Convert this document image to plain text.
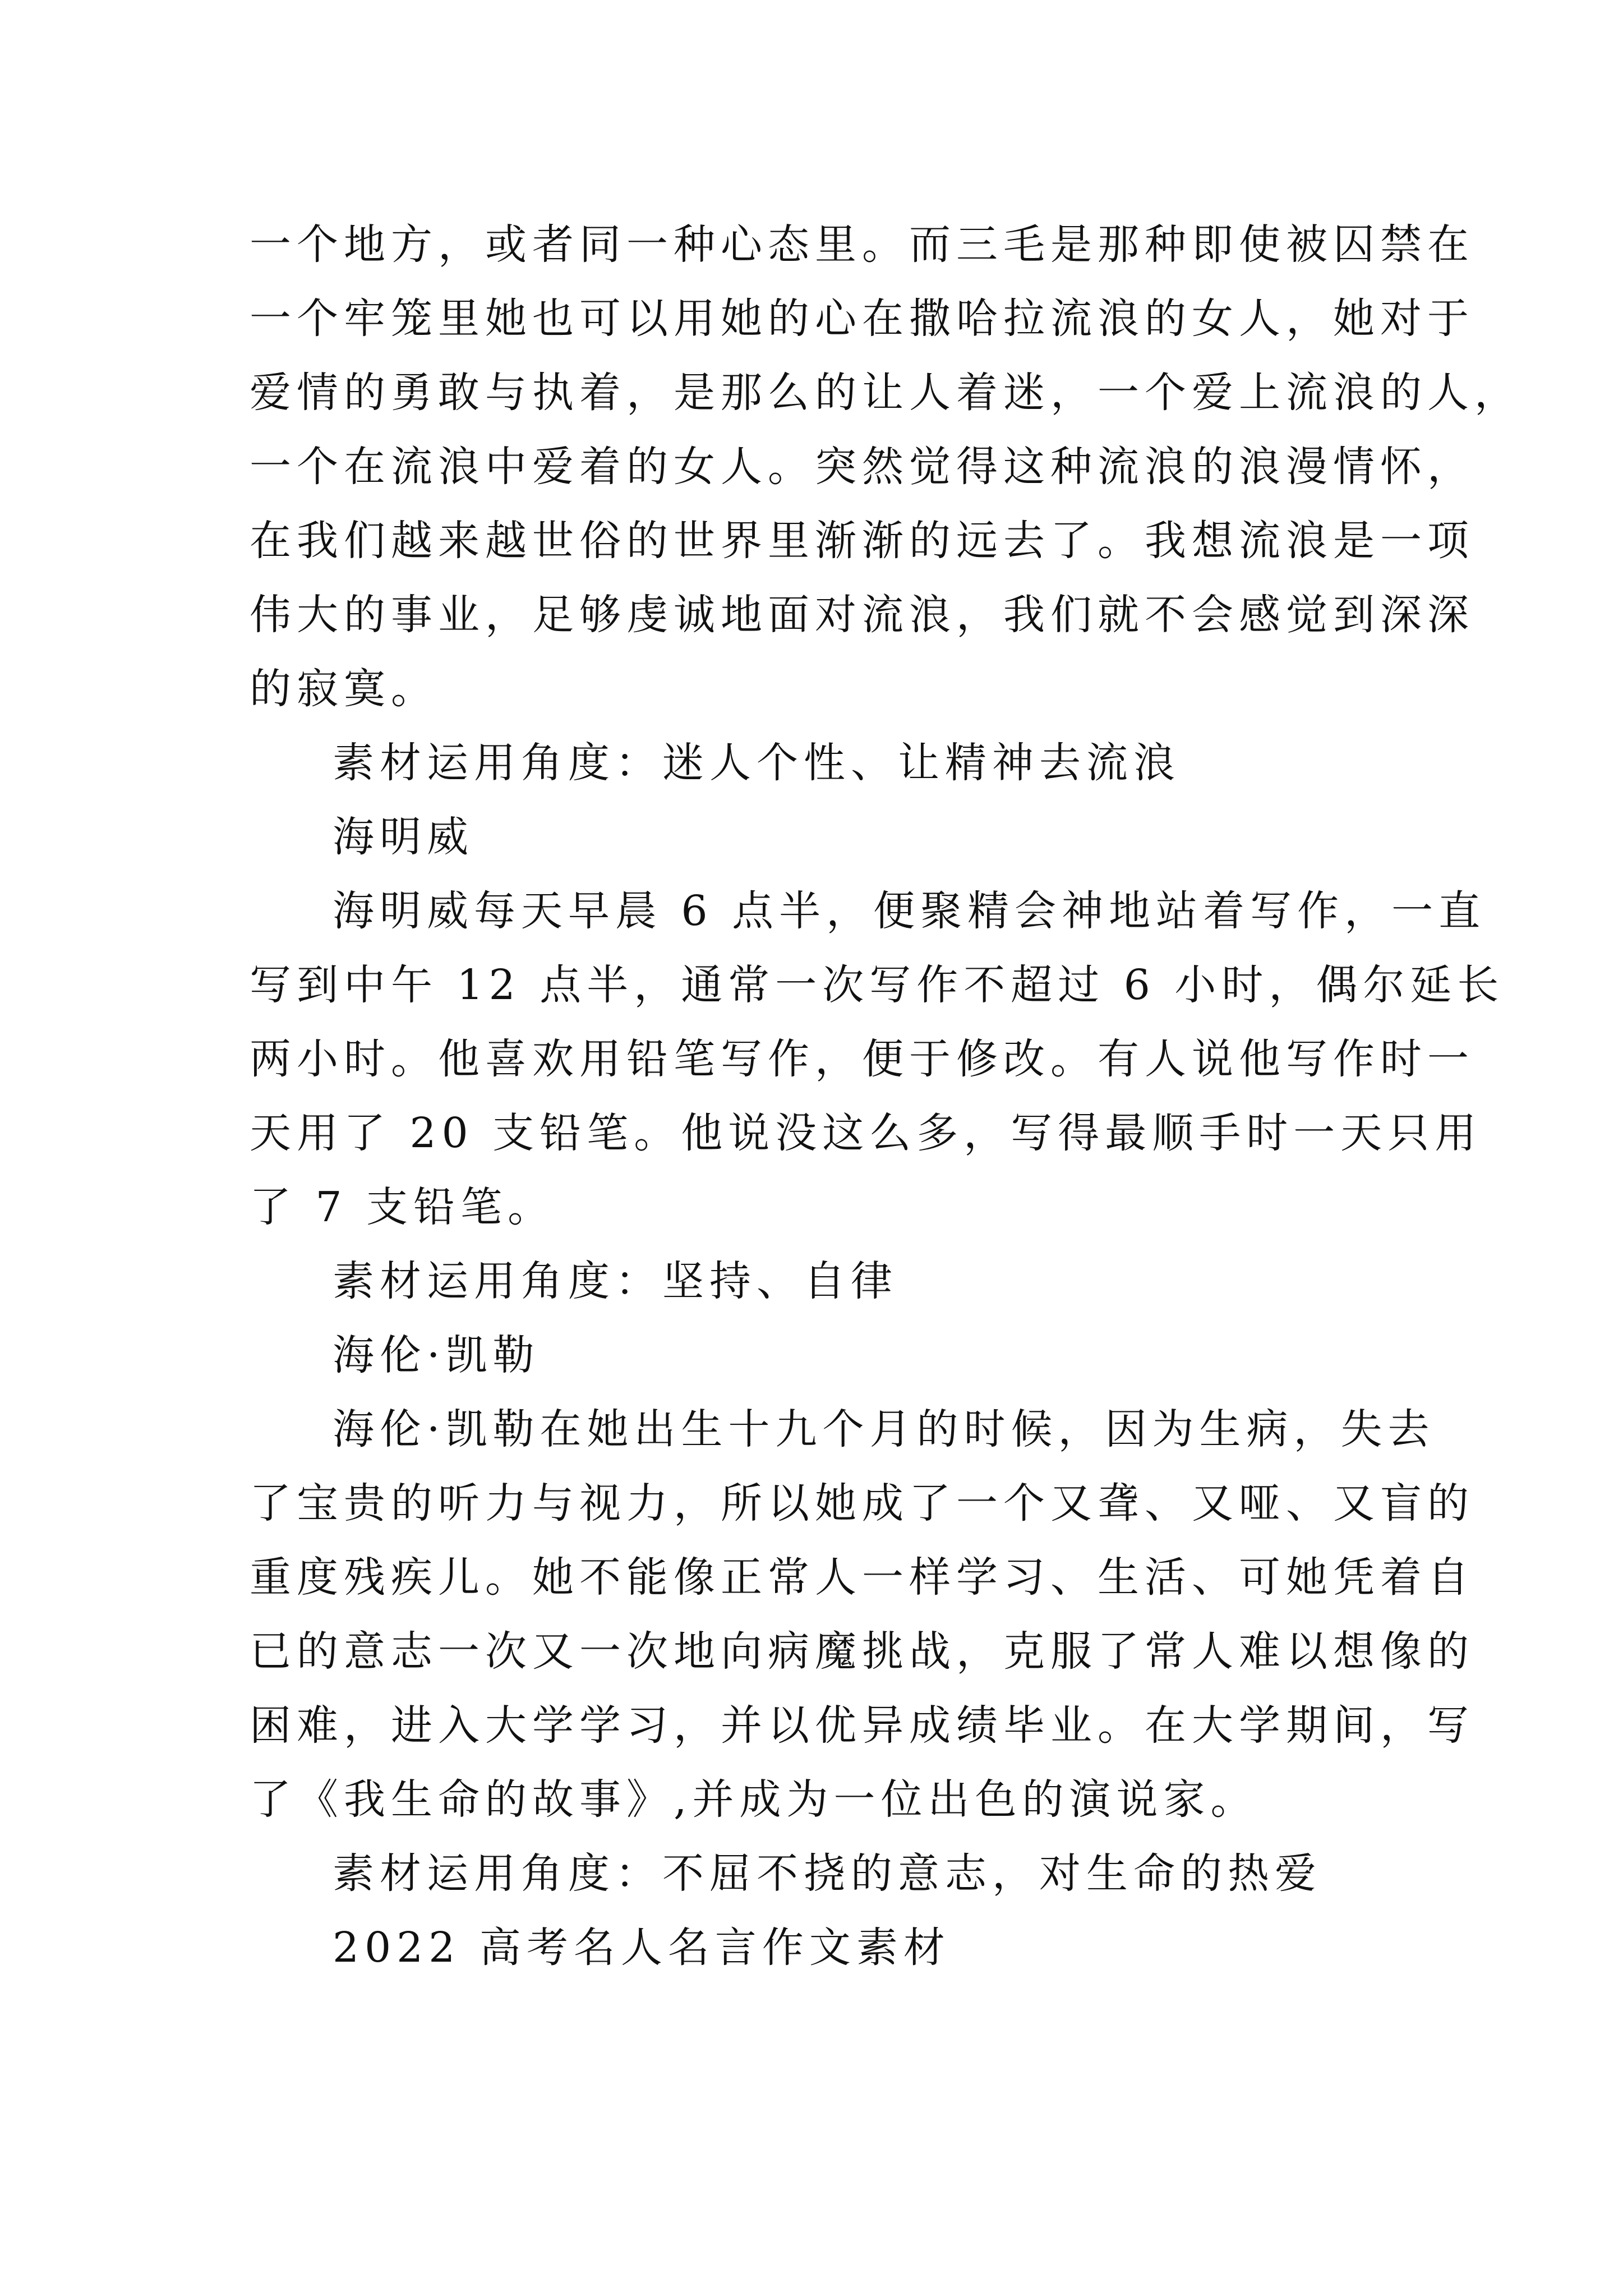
一个地方，或者同一种心态里。而三毛是那种即使被囚禁在
一个牢笼里她也可以用她的心在撒哈拉流浪的女人，她对于
爱情的勇敢与执着，是那么的让人着迷，一个爱上流浪的人，
一个在流浪中爱着的女人。突然觉得这种流浪的浪漫情怀，
在我们越来越世俗的世界里渐渐的远去了。我想流浪是一项
伟大的事业，足够虔诚地面对流浪，我们就不会感觉到深深
的寂寞。
素材运用角度：迷人个性、让精神去流浪
海明威
海明威每天早晨 6 点半，便聚精会神地站着写作，一直
写到中午 12 点半，通常一次写作不超过 6 小时，偶尔延长
两小时。他喜欢用铅笔写作，便于修改。有人说他写作时一
天用了 20 支铅笔。他说没这么多，写得最顺手时一天只用
了 7 支铅笔。
素材运用角度：坚持、自律
海伦·凯勒
海伦·凯勒在她出生十九个月的时候，因为生病，失去
了宝贵的听力与视力，所以她成了一个又聋、又哑、又盲的
重度残疾儿。她不能像正常人一样学习、生活、可她凭着自
已的意志一次又一次地向病魔挑战，克服了常人难以想像的
困难，进入大学学习，并以优异成绩毕业。在大学期间，写
了《我生命的故事》,并成为一位出色的演说家。
素材运用角度：不屈不挠的意志，对生命的热爱
2022 高考名人名言作文素材
